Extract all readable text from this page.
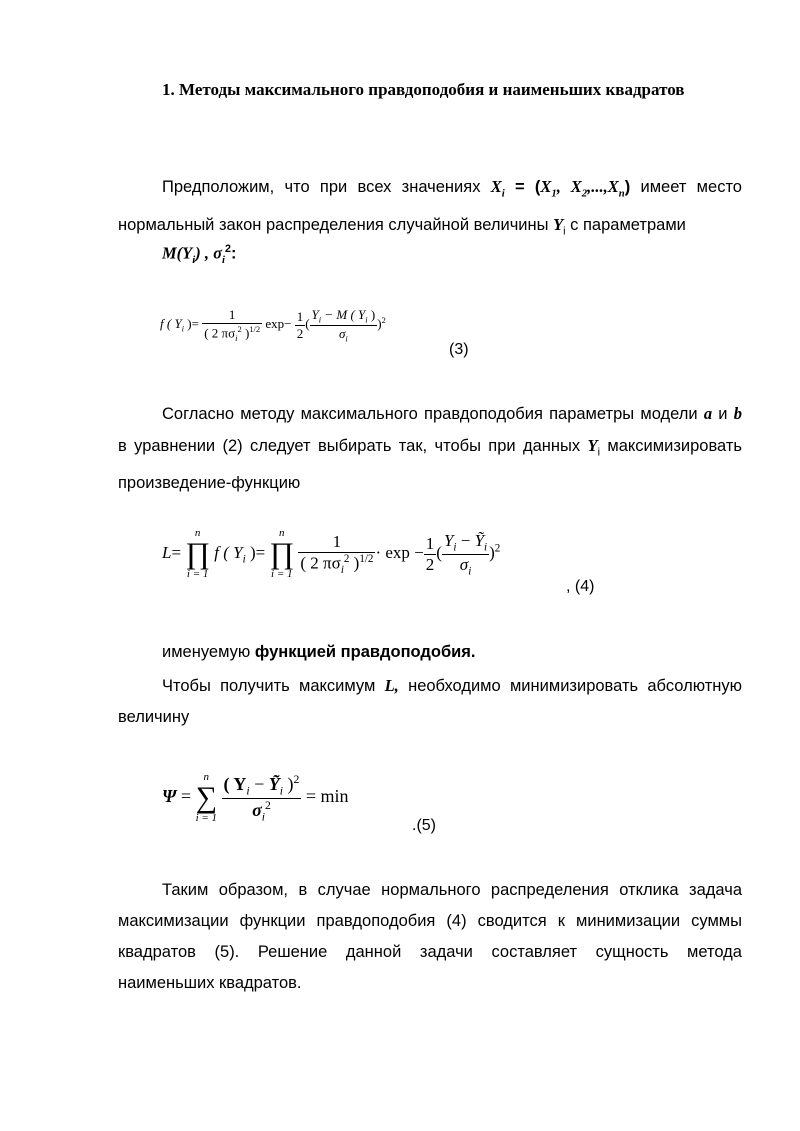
1. Методы максимального правдоподобия и наименьших квадратов
Предположим, что при всех значениях $X_i = (X_1$, $X_2,...,X_n$) имеет место нормальный закон распределения случайной величины $Y_i$ с параметрами
$M(Y_i)$ , $\sigma_i^2$:
f ( $Y_i$ )= $\frac{1}{( 2 \pi\sigma_i^2 )^{1/2}} \exp- \frac{1}{2}$ ( $\frac{Y_i - M ( Y_i )}{\sigma_i} )^2$
(3)
Согласно методу максимального правдоподобия параметры модели a и b в уравнении (2) следует выбирать так, чтобы при данных $Y_i$ максимизировать произведение-функцию
L=
n
∏
i = 1
f ( $Y_i$ )=
n
∏
i = 1
$\frac{1}{( 2 \pi\sigma_i^2 )^{1/2}} \cdot \exp - \frac{1}{2}$ ( $\frac{Y_i - Ỹ_i}{\sigma_i} )^2$
, (4)
именуемую функцией правдоподобия.
Чтобы получить максимум L, необходимо минимизировать абсолютную величину
Ψ =
n
∑
i = 1
$\frac{( Y_i - Ỹ_i )^2}{\sigma_i^2} = \min$
.(5)
Таким образом, в случае нормального распределения отклика задача максимизации функции правдоподобия (4) сводится к минимизации суммы квадратов (5). Решение данной задачи составляет сущность метода наименьших квадратов.
